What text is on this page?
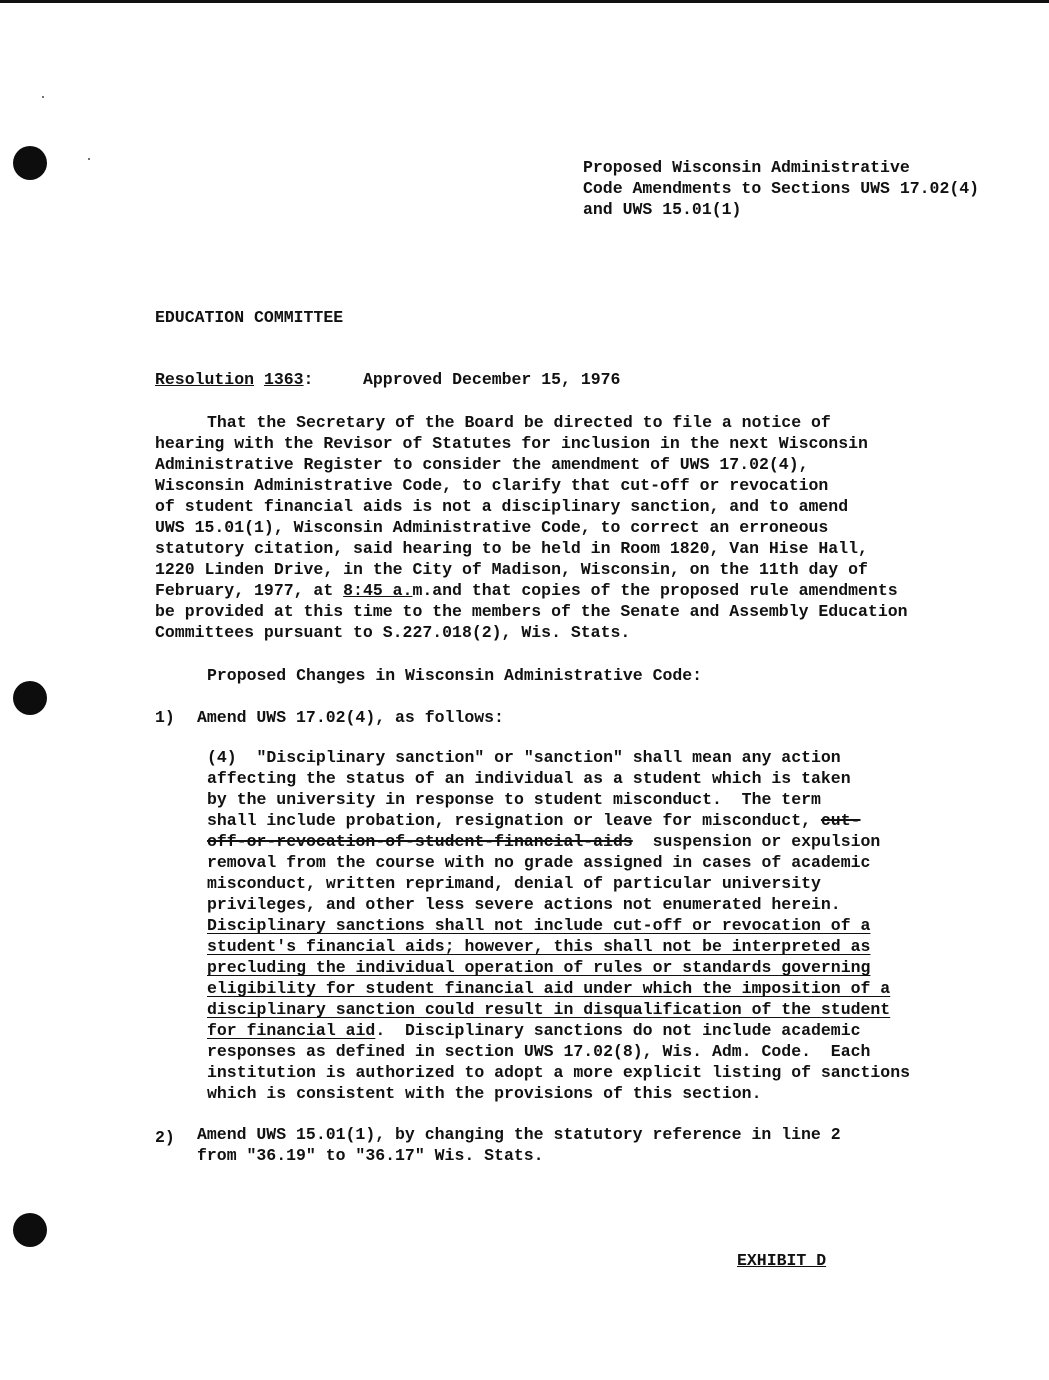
Proposed Wisconsin Administrative
Code Amendments to Sections UWS 17.02(4)
and UWS 15.01(1)
EDUCATION COMMITTEE
Resolution 1363:	Approved December 15, 1976
That the Secretary of the Board be directed to file a notice of
hearing with the Revisor of Statutes for inclusion in the next Wisconsin
Administrative Register to consider the amendment of UWS 17.02(4),
Wisconsin Administrative Code, to clarify that cut-off or revocation
of student financial aids is not a disciplinary sanction, and to amend
UWS 15.01(1), Wisconsin Administrative Code, to correct an erroneous
statutory citation, said hearing to be held in Room 1820, Van Hise Hall,
1220 Linden Drive, in the City of Madison, Wisconsin, on the 11th day of
February, 1977, at 8:45 a.m.and that copies of the proposed rule amendments
be provided at this time to the members of the Senate and Assembly Education
Committees pursuant to S.227.018(2), Wis. Stats.
Proposed Changes in Wisconsin Administrative Code:
1) Amend UWS 17.02(4), as follows:
(4)  "Disciplinary sanction" or "sanction" shall mean any action
affecting the status of an individual as a student which is taken
by the university in response to student misconduct.  The term
shall include probation, resignation or leave for misconduct, cut-
off-or-revocation-of-student-financial-aids  suspension or expulsion
removal from the course with no grade assigned in cases of academic
misconduct, written reprimand, denial of particular university
privileges, and other less severe actions not enumerated herein.
Disciplinary sanctions shall not include cut-off or revocation of a
student's financial aids; however, this shall not be interpreted as
precluding the individual operation of rules or standards governing
eligibility for student financial aid under which the imposition of a
disciplinary sanction could result in disqualification of the student
for financial aid.  Disciplinary sanctions do not include academic
responses as defined in section UWS 17.02(8), Wis. Adm. Code.  Each
institution is authorized to adopt a more explicit listing of sanctions
which is consistent with the provisions of this section.
2) Amend UWS 15.01(1), by changing the statutory reference in line 2
from "36.19" to "36.17" Wis. Stats.
EXHIBIT D
